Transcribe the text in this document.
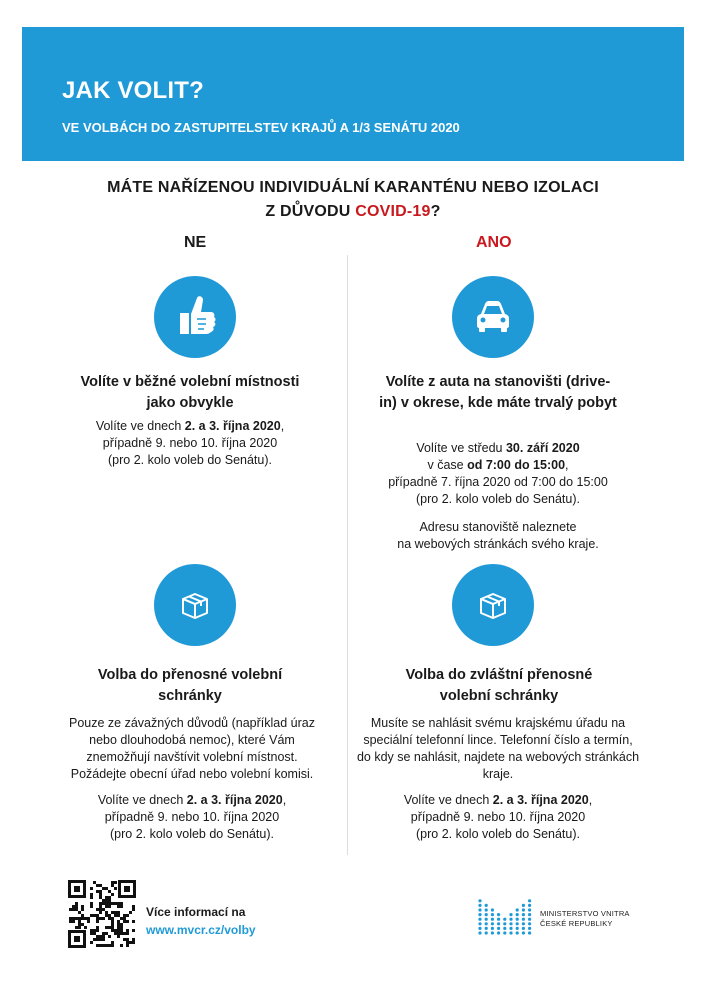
JAK VOLIT?
VE VOLBÁCH DO ZASTUPITELSTEV KRAJŮ A 1/3 SENÁTU 2020
MÁTE NAŘÍZENOU INDIVIDUÁLNÍ KARANTÉNU NEBO IZOLACI
Z DŮVODU COVID-19?
NE	ANO
Volíte v běžné volební místnosti jako obvykle

Volíte ve dnech 2. a 3. října 2020,

případně 9. nebo 10. října 2020

(pro 2. kolo voleb do Senátu).

Volíte z auta na stanovišti (drive-in) v okrese, kde máte trvalý pobyt

Volíte ve středu 30. září 2020

v čase od 7:00 do 15:00,

případně 7. října 2020 od 7:00 do 15:00

(pro 2. kolo voleb do Senátu).

Adresu stanoviště naleznete

na webových stránkách svého kraje.

Volba do přenosné volební schránky

Pouze ze závažných důvodů (například úraz nebo dlouhodobá nemoc), které Vám znemožňují navštívit volební místnost. Požádejte obecní úřad nebo volební komisi.

Volíte ve dnech 2. a 3. října 2020,

případně 9. nebo 10. října 2020

(pro 2. kolo voleb do Senátu).

Volba do zvláštní přenosné volební schránky

Musíte se nahlásit svému krajskému úřadu na speciální telefonní lince. Telefonní číslo a termín, do kdy se nahlásit, najdete na webových stránkách kraje.

Volíte ve dnech 2. a 3. října 2020,

případně 9. nebo 10. října 2020

(pro 2. kolo voleb do Senátu).

Více informací na
www.mvcr.cz/volby
MINISTERSTVO VNITRA
ČESKÉ REPUBLIKY
